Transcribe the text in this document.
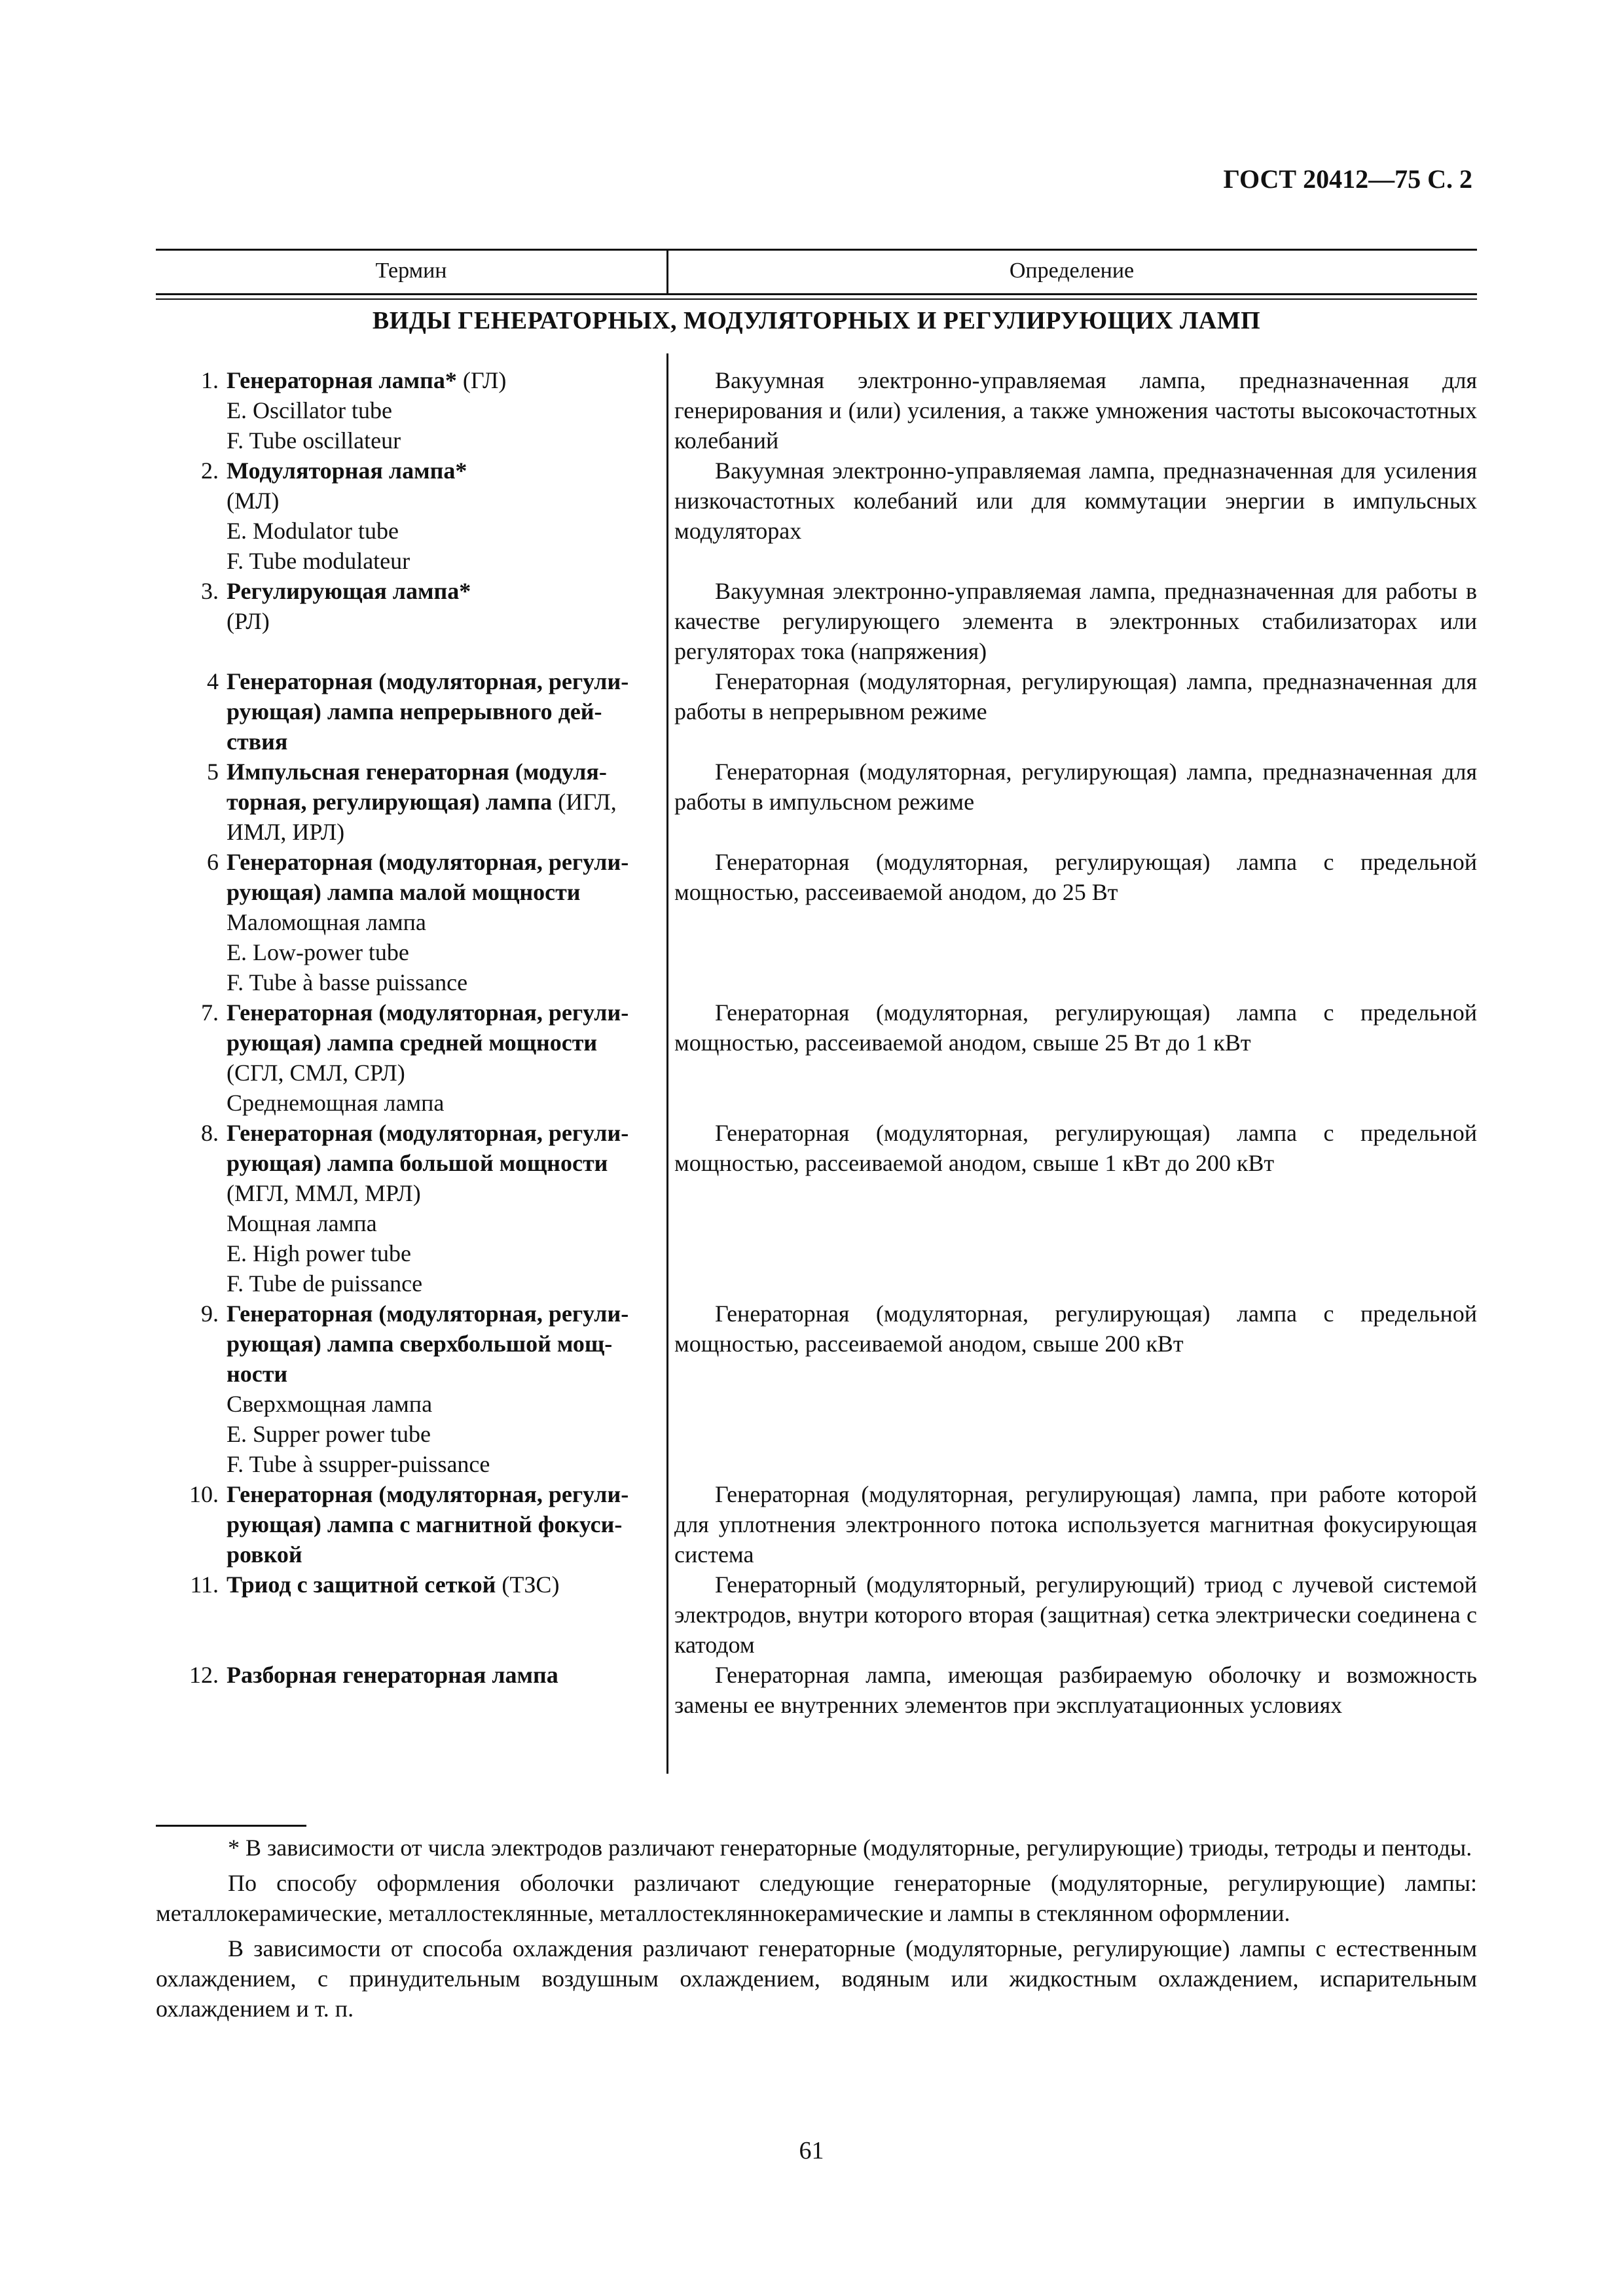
ГОСТ 20412—75 С. 2
Термин	Определение
ВИДЫ ГЕНЕРАТОРНЫХ, МОДУЛЯТОРНЫХ И РЕГУЛИРУЮЩИХ ЛАМП
1. Генераторная лампа* (ГЛ)
E. Oscillator tube
F. Tube oscillateur
2. Модуляторная лампа*
(МЛ)
E. Modulator tube
F. Tube modulateur
3. Регулирующая лампа*
(РЛ)
4 Генераторная (модуляторная, регули-
рующая) лампа непрерывного дей-
ствия
5 Импульсная генераторная (модуля-
торная, регулирующая) лампа (ИГЛ,
ИМЛ, ИРЛ)
6 Генераторная (модуляторная, регули-
рующая) лампа малой мощности
Маломощная лампа
E. Low-power tube
F. Tube à basse puissance
7. Генераторная (модуляторная, регули-
рующая) лампа средней мощности
(СГЛ, СМЛ, СРЛ)
Среднемощная лампа
8. Генераторная (модуляторная, регули-
рующая) лампа большой мощности
(МГЛ, ММЛ, МРЛ)
Мощная лампа
E. High power tube
F. Tube de puissance
9. Генераторная (модуляторная, регули-
рующая) лампа сверхбольшой мощ-
ности
Сверхмощная лампа
E. Supper power tube
F. Tube à ssupper-puissance
10. Генераторная (модуляторная, регули-
рующая) лампа с магнитной фокуси-
ровкой
11. Триод с защитной сеткой (ТЗС)
12. Разборная генераторная лампа
Вакуумная электронно-управляемая лампа, предназначенная для генерирования и (или) усиления, а также умножения частоты высокочастотных колебаний
Вакуумная электронно-управляемая лампа, предназначенная для усиления низкочастотных колебаний или для коммутации энергии в импульсных модуляторах
Вакуумная электронно-управляемая лампа, предназначенная для работы в качестве регулирующего элемента в электронных стабилизаторах или регуляторах тока (напряжения)
Генераторная (модуляторная, регулирующая) лампа, предназначенная для работы в непрерывном режиме
Генераторная (модуляторная, регулирующая) лампа, предназначенная для работы в импульсном режиме
Генераторная (модуляторная, регулирующая) лампа с предельной мощностью, рассеиваемой анодом, до 25 Вт
Генераторная (модуляторная, регулирующая) лампа с предельной мощностью, рассеиваемой анодом, свыше 25 Вт до 1 кВт
Генераторная (модуляторная, регулирующая) лампа с предельной мощностью, рассеиваемой анодом, свыше 1 кВт до 200 кВт
Генераторная (модуляторная, регулирующая) лампа с предельной мощностью, рассеиваемой анодом, свыше 200 кВт
Генераторная (модуляторная, регулирующая) лампа, при работе которой для уплотнения электронного потока используется магнитная фокусирующая система
Генераторный (модуляторный, регулирующий) триод с лучевой системой электродов, внутри которого вторая (защитная) сетка электрически соединена с катодом
Генераторная лампа, имеющая разбираемую оболочку и возможность замены ее внутренних элементов при эксплуатационных условиях

* В зависимости от числа электродов различают генераторные (модуляторные, регулирующие) триоды, тетроды и пентоды.

По способу оформления оболочки различают следующие генераторные (модуляторные, регулирующие) лампы: металлокерамические, металлостеклянные, металлостекляннокерамические и лампы в стеклянном оформлении.

В зависимости от способа охлаждения различают генераторные (модуляторные, регулирующие) лампы с естественным охлаждением, с принудительным воздушным охлаждением, водяным или жидкостным охлаждением, испарительным охлаждением и т. п.

61
